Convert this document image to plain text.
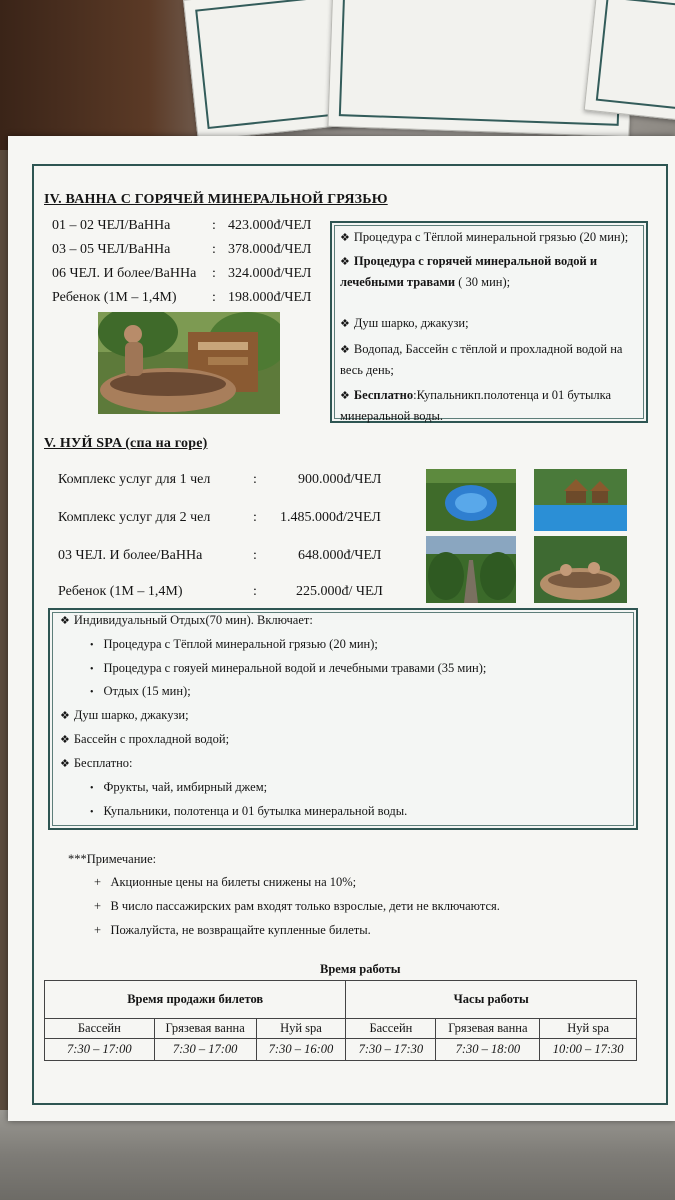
IV. ВАННА С ГОРЯЧЕЙ МИНЕРАЛЬНОЙ ГРЯЗЬЮ
01 – 02 ЧЕЛ/ВаННа	: 423.000đ/ЧЕЛ
03 – 05 ЧЕЛ/ВаННа	: 378.000đ/ЧЕЛ
06 ЧЕЛ. И более/ВаННа : 324.000đ/ЧЕЛ
Ребенок (1М – 1,4М)	: 198.000đ/ЧЕЛ
❖ Процедура с Тёплой минеральной грязью (20 мин);
❖ Процедура с горячей минеральной водой и лечебными травами ( 30 мин);
❖ Душ шарко, джакузи;
❖ Водопад, Бассейн с тёплой и прохладной водой на весь день;
❖ Бесплатно:Купальникп.полотенца и 01 бутылка минеральной воды.
V. НУЙ SPA (спа на горе)
Комплекс услуг для 1 чел	:	900.000đ/ЧЕЛ
Комплекс услуг для 2 чел	: 1.485.000đ/2ЧЕЛ
03 ЧЕЛ. И более/ВаННа	:	648.000đ/ЧЕЛ
Ребенок (1М – 1,4М)	:	225.000đ/ ЧЕЛ
❖ Индивидуальный Отдых(70 мин). Включает:
• Процедура с Тёплой минеральной грязью (20 мин);
• Процедура с гояуей минеральной водой и лечебными травами (35 мин);
• Отдых (15 мин);
❖ Душ шарко, джакузи;
❖ Бассейн с прохладной водой;
❖ Бесплатно:
• Фрукты, чай, имбирный джем;
• Купальники, полотенца и 01 бутылка минеральной воды.
***Примечание:
+   Акционные цены на билеты снижены на 10%;
+   В число пассажирских рам входят только взрослые, дети не включаются.
+   Пожалуйста, не возвращайте купленные билеты.
Время работы
Время продажи билетов			Часы работы		
Бассейн	Грязевая ванна	Нуй spa	Бассейн	Грязевая ванна	Нуй spa
7:30 – 17:00	7:30 – 17:00	7:30 – 16:00	7:30 – 17:30	7:30 – 18:00	10:00 – 17:30
